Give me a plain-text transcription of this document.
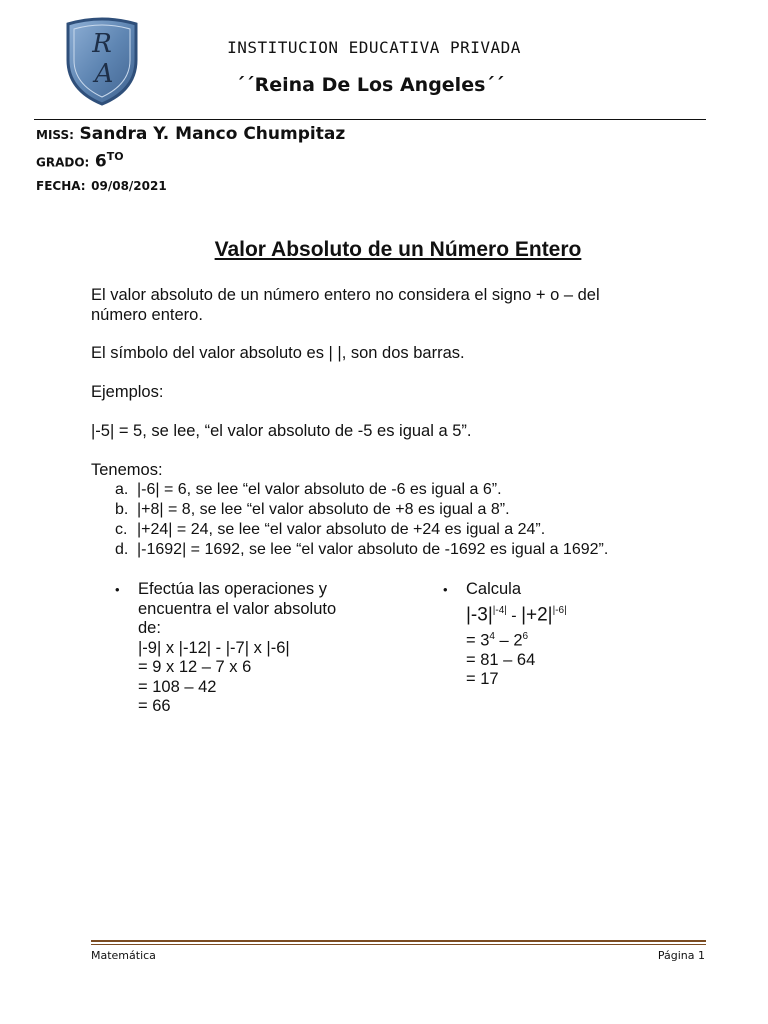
R
A
INSTITUCION EDUCATIVA PRIVADA
´´Reina De Los Angeles´´
MISS: Sandra Y. Manco Chumpitaz
GRADO: $6^{TO}$
FECHA: 09/08/2021
Valor Absoluto de un Número Entero
El valor absoluto de un número entero no considera el signo + o – del
número entero.
El símbolo del valor absoluto es | |, son dos barras.
Ejemplos:
|-5| = 5, se lee, “el valor absoluto de -5 es igual a 5”.
Tenemos:
a. |-6| = 6, se lee “el valor absoluto de -6 es igual a 6”.
b. |+8| = 8, se lee “el valor absoluto de +8 es igual a 8”.
c. |+24| = 24, se lee “el valor absoluto de +24 es igual a 24”.
d. |-1692| = 1692, se lee “el valor absoluto de -1692 es igual a 1692”.
• Efectúa las operaciones y
encuentra el valor absoluto
de:
|-9| x |-12| - |-7| x |-6|
= 9 x 12 – 7 x 6
= 108 – 42
= 66
• Calcula
$|-3|^{|-4|} - |+2|^{|-6|}$
= $3^4 - 2^6$
= 81 – 64
= 17
Matemática	Página 1
